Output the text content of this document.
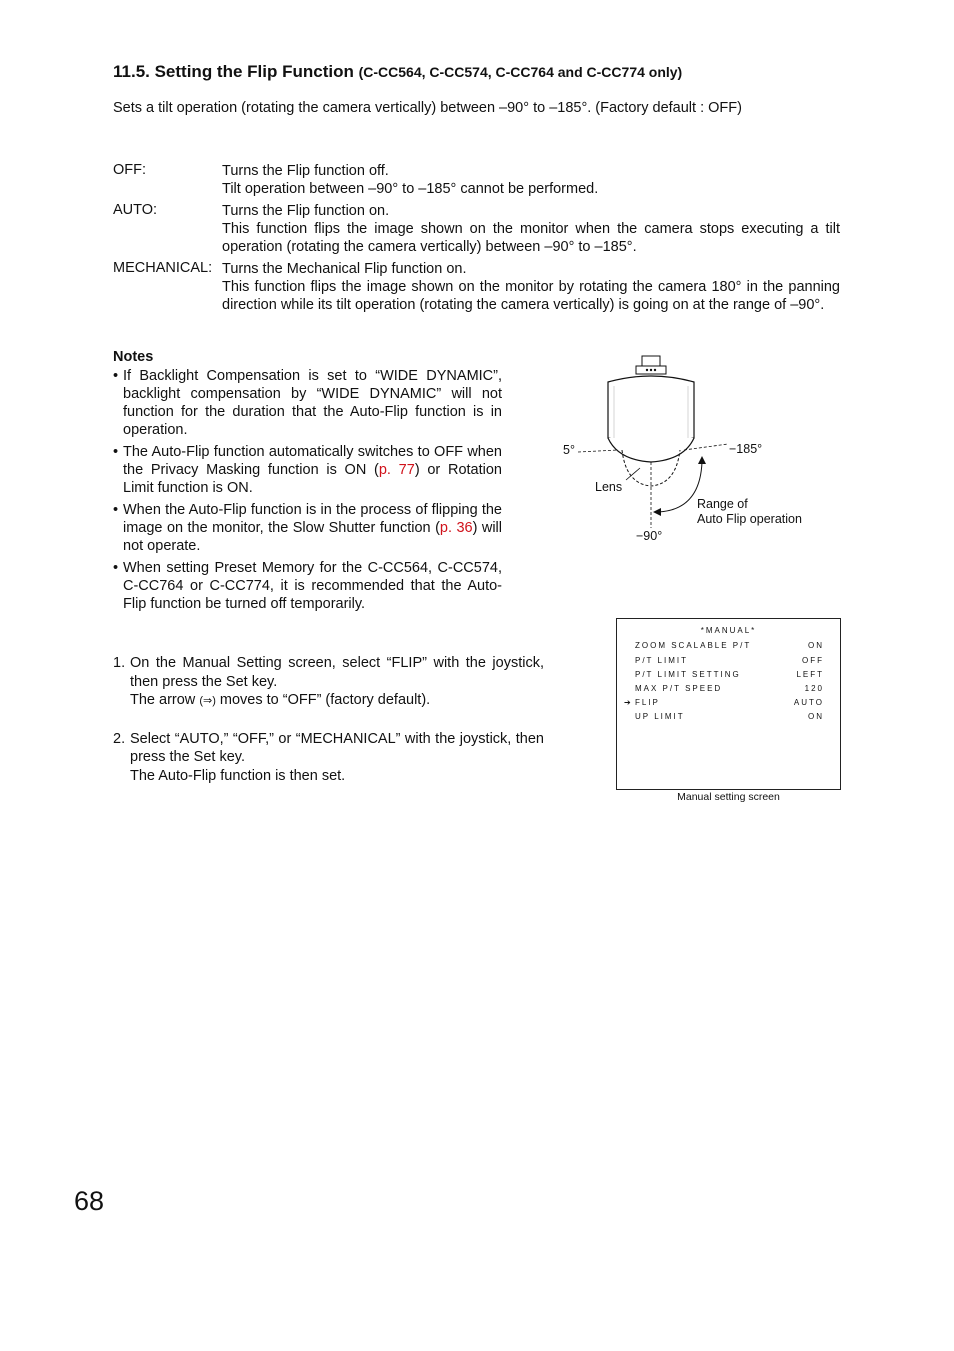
11.5. Setting the Flip Function (C-CC564, C-CC574, C-CC764 and C-CC774 only)
Sets a tilt operation (rotating the camera vertically) between –90° to –185°. (Factory default : OFF)
OFF:	Turns the Flip function off.

Tilt operation between –90° to –185° cannot be performed.

AUTO:	Turns the Flip function on.

This function flips the image shown on the monitor when the camera stops executing a tilt operation (rotating the camera vertically) between –90° to –185°.

MECHANICAL: Turns the Mechanical Flip function on.

This function flips the image shown on the monitor by rotating the camera 180° in the panning direction while its tilt operation (rotating the camera vertically) is going on at the range of –90°.

Notes
• If Backlight Compensation is set to “WIDE DYNAMIC”, backlight compensation by “WIDE DYNAMIC” will not function for the duration that the Auto-Flip function is in operation.
• The Auto-Flip function automatically switches to OFF when the Privacy Masking function is ON (p. 77) or Rotation Limit function is ON.
• When the Auto-Flip function is in the process of flipping the image on the monitor, the Slow Shutter function (p. 36) will not operate.
• When setting Preset Memory for the C-CC564, C-CC574, C-CC764 or C-CC774, it is recommended that the Auto-Flip function be turned off temporarily.
5°	−185°
−90°
Lens
Range of
Auto Flip operation
1. On the Manual Setting screen, select “FLIP” with the joystick, then press the Set key.

The arrow (⇒) moves to “OFF” (factory default).

2. Select “AUTO,” “OFF,” or “MECHANICAL” with the joystick, then press the Set key.

The Auto-Flip function is then set.

*MANUAL*
ZOOM SCALABLE P/T	ON
P/T LIMIT	OFF
P/T LIMIT SETTING	LEFT
MAX P/T SPEED	120
➔ FLIP	AUTO
UP LIMIT	ON
Manual setting screen
68
